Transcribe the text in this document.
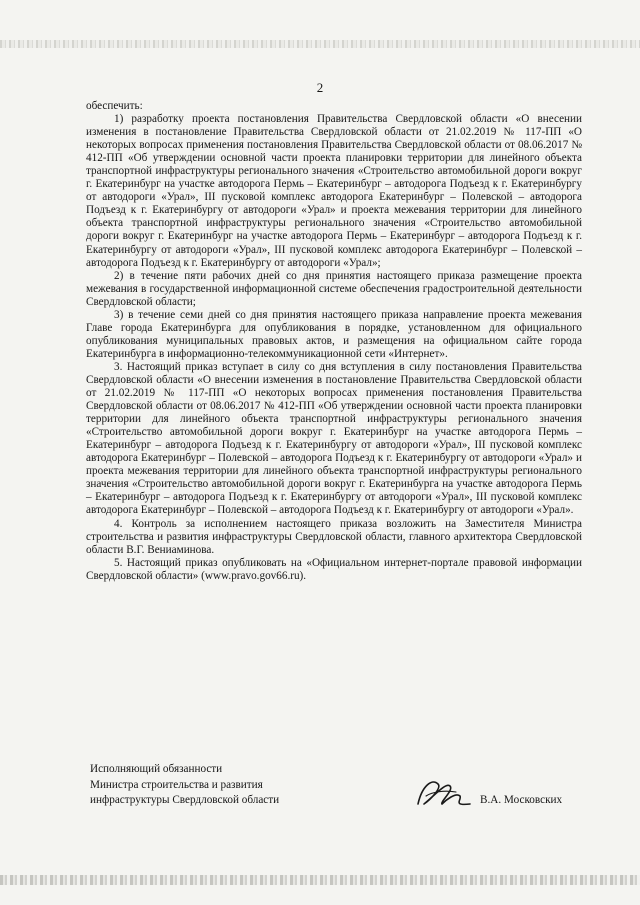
2

обеспечить:

1) разработку проекта постановления Правительства Свердловской области «О внесении изменения в постановление Правительства Свердловской области от 21.02.2019 № 117-ПП «О некоторых вопросах применения постановления Правительства Свердловской области от 08.06.2017 № 412-ПП «Об утверждении основной части проекта планировки территории для линейного объекта транспортной инфраструктуры регионального значения «Строительство автомобильной дороги вокруг г. Екатеринбург на участке автодорога Пермь – Екатеринбург – автодорога Подъезд к г. Екатеринбургу от автодороги «Урал», III пусковой комплекс автодорога Екатеринбург – Полевской – автодорога Подъезд к г. Екатеринбургу от автодороги «Урал» и проекта межевания территории для линейного объекта транспортной инфраструктуры регионального значения «Строительство автомобильной дороги вокруг г. Екатеринбург на участке автодорога Пермь – Екатеринбург – автодорога Подъезд к г. Екатеринбургу от автодороги «Урал», III пусковой комплекс автодорога Екатеринбург – Полевской – автодорога Подъезд к г. Екатеринбургу от автодороги «Урал»;

2) в течение пяти рабочих дней со дня принятия настоящего приказа размещение проекта межевания в государственной информационной системе обеспечения градостроительной деятельности Свердловской области;

3) в течение семи дней со дня принятия настоящего приказа направление проекта межевания Главе города Екатеринбурга для опубликования в порядке, установленном для официального опубликования муниципальных правовых актов, и размещения на официальном сайте города Екатеринбурга в информационно-телекоммуникационной сети «Интернет».

3. Настоящий приказ вступает в силу со дня вступления в силу постановления Правительства Свердловской области «О внесении изменения в постановление Правительства Свердловской области от 21.02.2019 № 117-ПП «О некоторых вопросах применения постановления Правительства Свердловской области от 08.06.2017 № 412-ПП «Об утверждении основной части проекта планировки территории для линейного объекта транспортной инфраструктуры регионального значения «Строительство автомобильной дороги вокруг г. Екатеринбург на участке автодорога Пермь – Екатеринбург – автодорога Подъезд к г. Екатеринбургу от автодороги «Урал», III пусковой комплекс автодорога Екатеринбург – Полевской – автодорога Подъезд к г. Екатеринбургу от автодороги «Урал» и проекта межевания территории для линейного объекта транспортной инфраструктуры регионального значения «Строительство автомобильной дороги вокруг г. Екатеринбурга на участке автодорога Пермь – Екатеринбург – автодорога Подъезд к г. Екатеринбургу от автодороги «Урал», III пусковой комплекс автодорога Екатеринбург – Полевской – автодорога Подъезд к г. Екатеринбургу от автодороги «Урал».

4. Контроль за исполнением настоящего приказа возложить на Заместителя Министра строительства и развития инфраструктуры Свердловской области, главного архитектора Свердловской области В.Г. Вениаминова.

5. Настоящий приказ опубликовать на «Официальном интернет-портале правовой информации Свердловской области» (www.pravo.gov66.ru).

Исполняющий обязанности
Министра строительства и развития
инфраструктуры Свердловской области	В.А. Московских
